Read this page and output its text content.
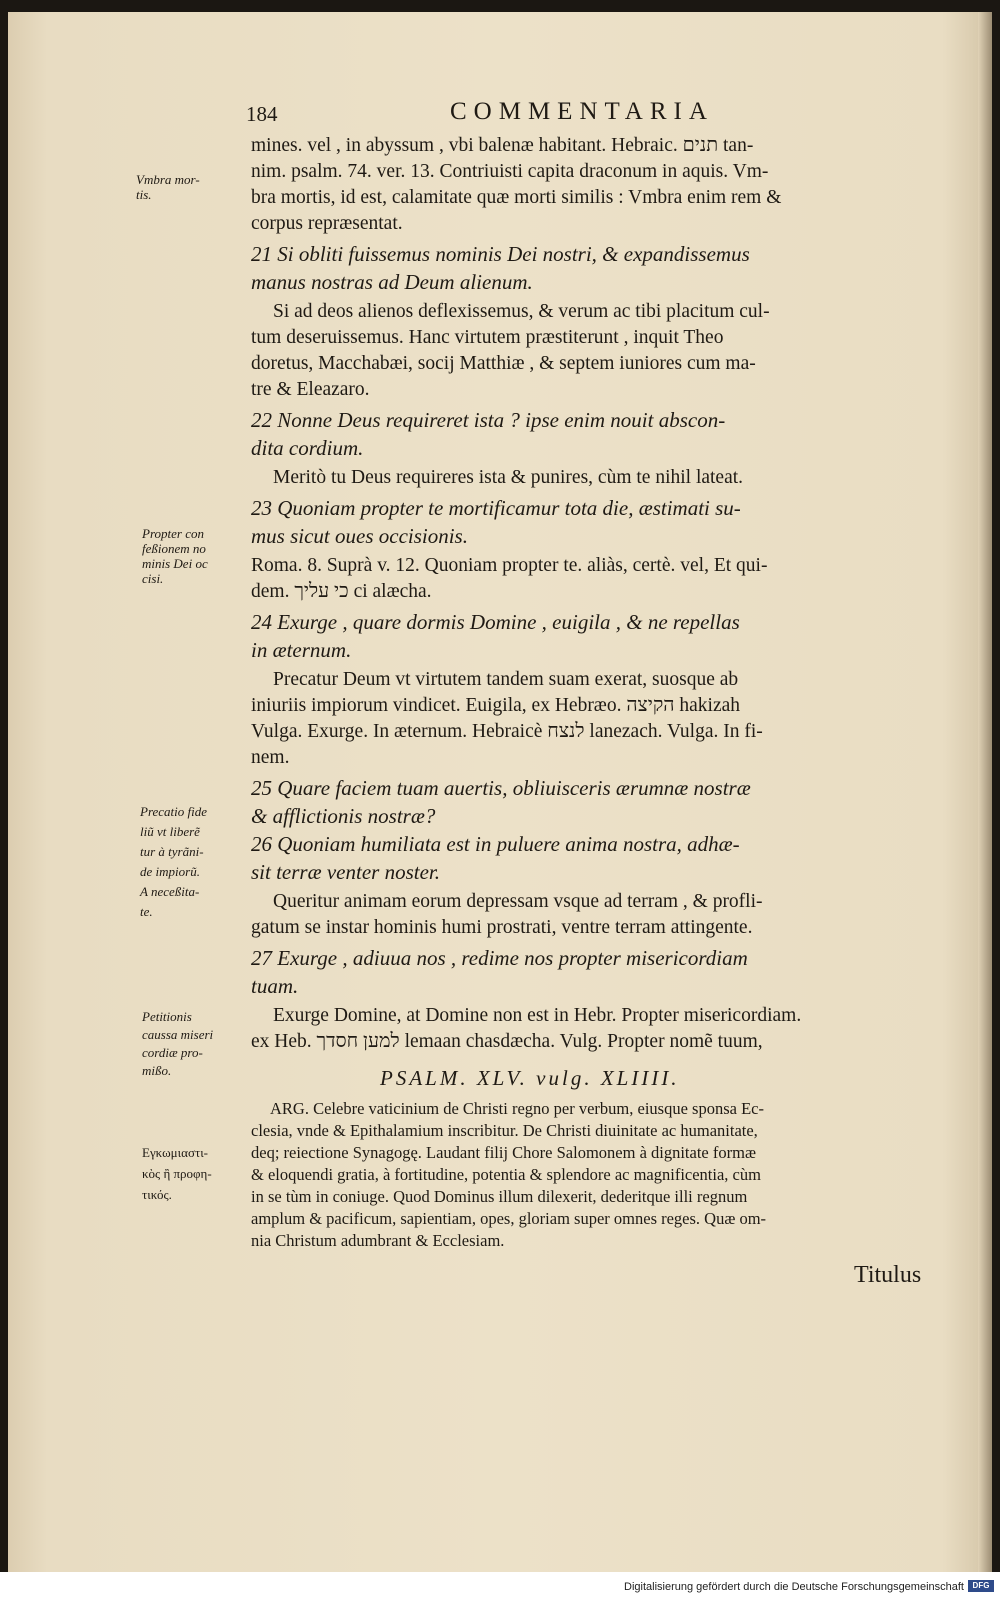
184	COMMENTARIA
Vmbra mor-
tis.
Propter con
feßionem no
minis Dei oc
cisi.
Precatio fide
liũ vt liberẽ
tur à tyrãni-
de impiorũ.
A neceßita-
te.
Petitionis
caussa miseri
cordiæ pro-
mißo.
Εγκωμιαστι-
κὸς ἢ προφη-
τικός.
mines. vel , in abyssum , vbi balenæ habitant. Hebraic. תנים tan-
nim. psalm. 74. ver. 13. Contriuisti capita draconum in aquis. Vm-
bra mortis, id est, calamitate quæ morti similis : Vmbra enim rem &
corpus repræsentat.
21 Si obliti fuissemus nominis Dei nostri, & expandissemus
manus nostras ad Deum alienum.
Si ad deos alienos deflexissemus, & verum ac tibi placitum cul-
tum deseruissemus. Hanc virtutem præstiterunt , inquit Theo
doretus, Macchabæi, socij Matthiæ , & septem iuniores cum ma-
tre & Eleazaro.
22 Nonne Deus requireret ista ? ipse enim nouit abscon-
dita cordium.
Meritò tu Deus requireres ista & punires, cùm te nihil lateat.
23 Quoniam propter te mortificamur tota die, æstimati su-
mus sicut oues occisionis.
Roma. 8. Suprà v. 12. Quoniam propter te. aliàs, certè. vel, Et qui-
dem. כי עליך ci alæcha.
24 Exurge , quare dormis Domine , euigila , & ne repellas
in æternum.
Precatur Deum vt virtutem tandem suam exerat, suosque ab
iniuriis impiorum vindicet. Euigila, ex Hebræo. הקיצה hakizah
Vulga. Exurge. In æternum. Hebraicè לנצח lanezach. Vulga. In fi-
nem.
25 Quare faciem tuam auertis, obliuisceris ærumnæ nostræ
& afflictionis nostræ?
26 Quoniam humiliata est in puluere anima nostra, adhæ-
sit terræ venter noster.
Queritur animam eorum depressam vsque ad terram , & profli-
gatum se instar hominis humi prostrati, ventre terram attingente.
27 Exurge , adiuua nos , redime nos propter misericordiam
tuam.
Exurge Domine, at Domine non est in Hebr. Propter misericordiam.
ex Heb. למען חסדך lemaan chasdæcha. Vulg. Propter nomẽ tuum,
PSALM. XLV. vulg. XLIIII.
ARG. Celebre vaticinium de Christi regno per verbum, eiusque sponsa Ec-
clesia, vnde & Epithalamium inscribitur. De Christi diuinitate ac humanitate,
deq; reiectione Synagogę. Laudant filij Chore Salomonem à dignitate formæ
& eloquendi gratia, à fortitudine, potentia & splendore ac magnificentia, cùm
in se tùm in coniuge. Quod Dominus illum dilexerit, dederitque illi regnum
amplum & pacificum, sapientiam, opes, gloriam super omnes reges. Quæ om-
nia Christum adumbrant & Ecclesiam.
Titulus
Digitalisierung gefördert durch die Deutsche Forschungsgemeinschaft	DFG
